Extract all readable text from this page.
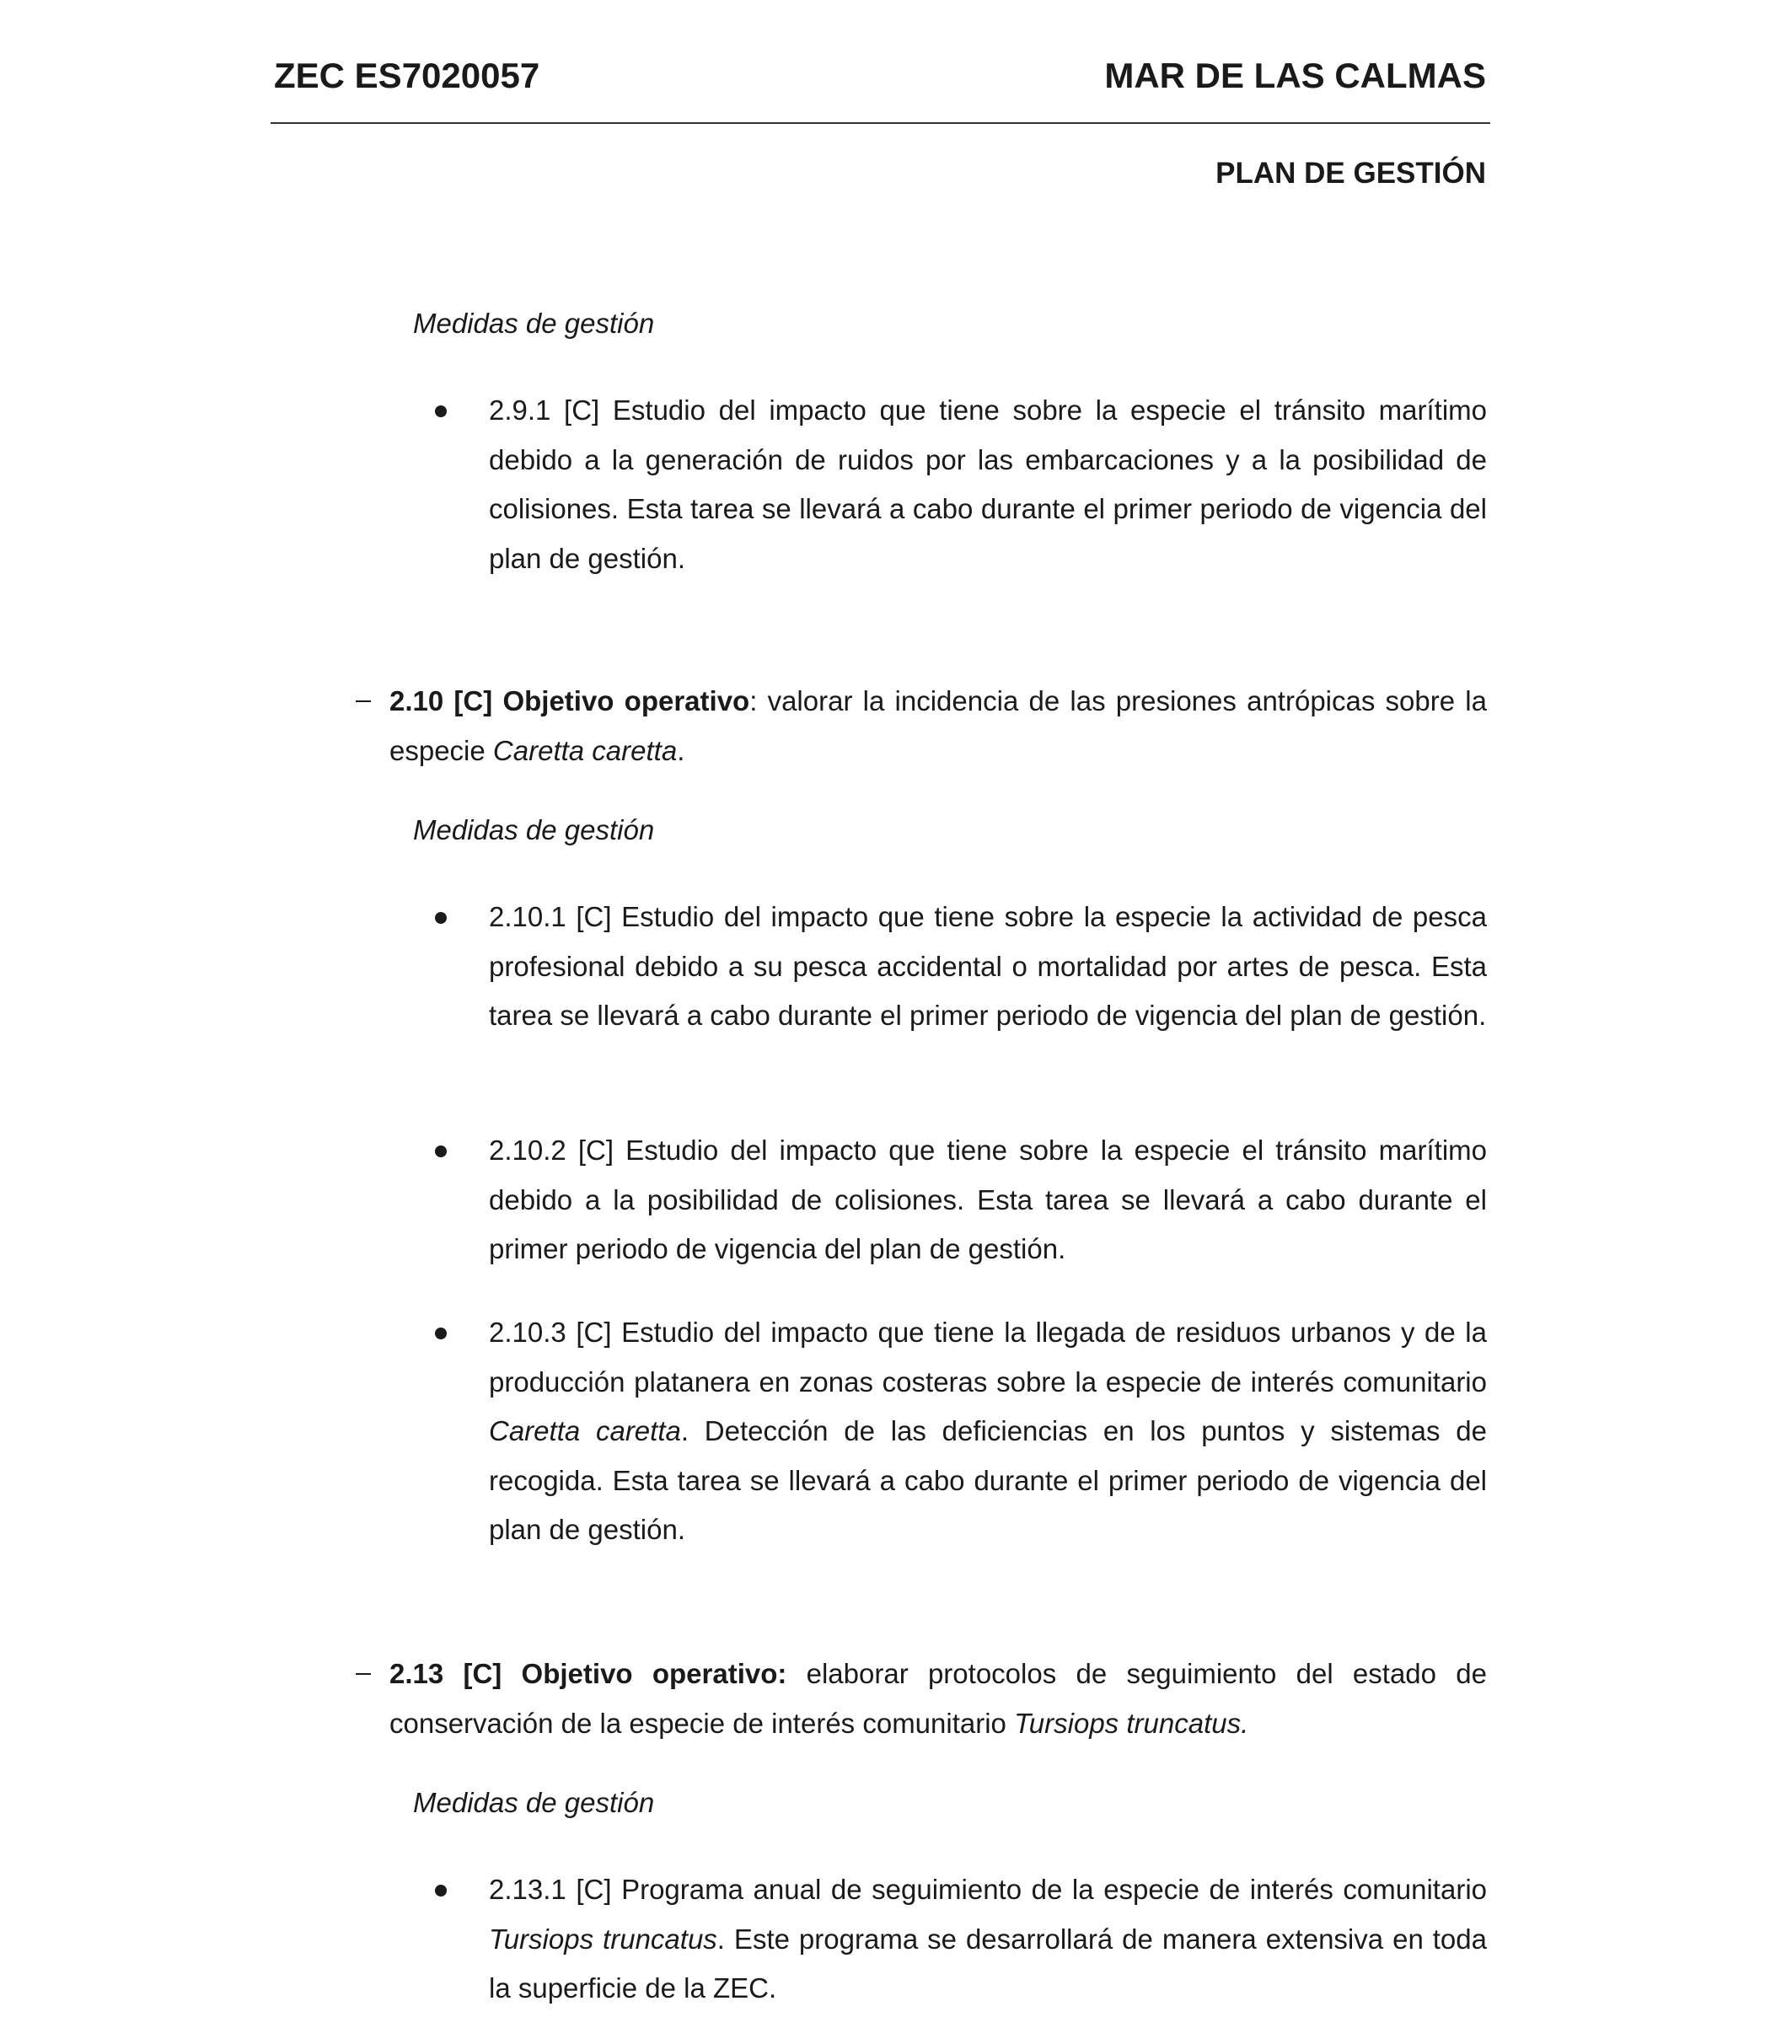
ZEC ES7020057	MAR DE LAS CALMAS
PLAN DE GESTIÓN
Medidas de gestión
2.9.1 [C] Estudio del impacto que tiene sobre la especie el tránsito marítimo debido a la generación de ruidos por las embarcaciones y a la posibilidad de colisiones. Esta tarea se llevará a cabo durante el primer periodo de vigencia del plan de gestión.
2.10 [C] Objetivo operativo: valorar la incidencia de las presiones antrópicas sobre la especie Caretta caretta.
Medidas de gestión
2.10.1 [C] Estudio del impacto que tiene sobre la especie la actividad de pesca profesional debido a su pesca accidental o mortalidad por artes de pesca. Esta tarea se llevará a cabo durante el primer periodo de vigencia del plan de gestión.
2.10.2 [C] Estudio del impacto que tiene sobre la especie el tránsito marítimo debido a la posibilidad de colisiones. Esta tarea se llevará a cabo durante el primer periodo de vigencia del plan de gestión.
2.10.3 [C] Estudio del impacto que tiene la llegada de residuos urbanos y de la producción platanera en zonas costeras sobre la especie de interés comunitario Caretta caretta. Detección de las deficiencias en los puntos y sistemas de recogida. Esta tarea se llevará a cabo durante el primer periodo de vigencia del plan de gestión.
2.13 [C] Objetivo operativo: elaborar protocolos de seguimiento del estado de conservación de la especie de interés comunitario Tursiops truncatus.
Medidas de gestión
2.13.1 [C] Programa anual de seguimiento de la especie de interés comunitario Tursiops truncatus. Este programa se desarrollará de manera extensiva en toda la superficie de la ZEC.
